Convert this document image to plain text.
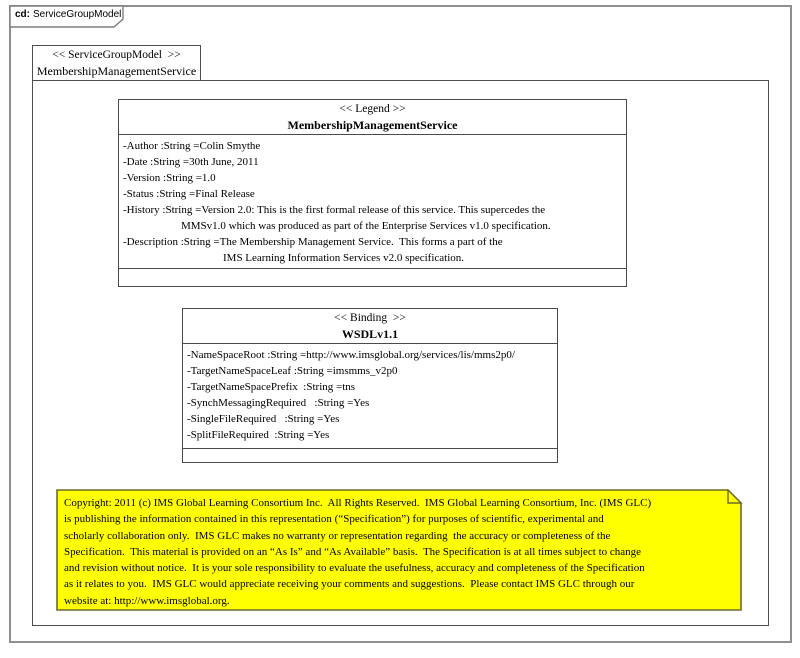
cd: ServiceGroupModel
<< ServiceGroupModel  >>
MembershipManagementService
<< Legend >>
MembershipManagementService
-Author :String =Colin Smythe
-Date :String =30th June, 2011
-Version :String =1.0
-Status :String =Final Release
-History :String =Version 2.0: This is the first formal release of this service. This supercedes the
MMSv1.0 which was produced as part of the Enterprise Services v1.0 specification.
-Description :String =The Membership Management Service.  This forms a part of the
IMS Learning Information Services v2.0 specification.
<< Binding  >>
WSDLv1.1
-NameSpaceRoot :String =http://www.imsglobal.org/services/lis/mms2p0/
-TargetNameSpaceLeaf :String =imsmms_v2p0
-TargetNameSpacePrefix  :String =tns
-SynchMessagingRequired   :String =Yes
-SingleFileRequired   :String =Yes
-SplitFileRequired  :String =Yes
Copyright: 2011 (c) IMS Global Learning Consortium Inc.  All Rights Reserved.  IMS Global Learning Consortium, Inc. (IMS GLC)
is publishing the information contained in this representation (“Specification”) for purposes of scientific, experimental and
scholarly collaboration only.  IMS GLC makes no warranty or representation regarding  the accuracy or completeness of the
Specification.  This material is provided on an “As Is” and “As Available” basis.  The Specification is at all times subject to change
and revision without notice.  It is your sole responsibility to evaluate the usefulness, accuracy and completeness of the Specification
as it relates to you.  IMS GLC would appreciate receiving your comments and suggestions.  Please contact IMS GLC through our
website at: http://www.imsglobal.org.
